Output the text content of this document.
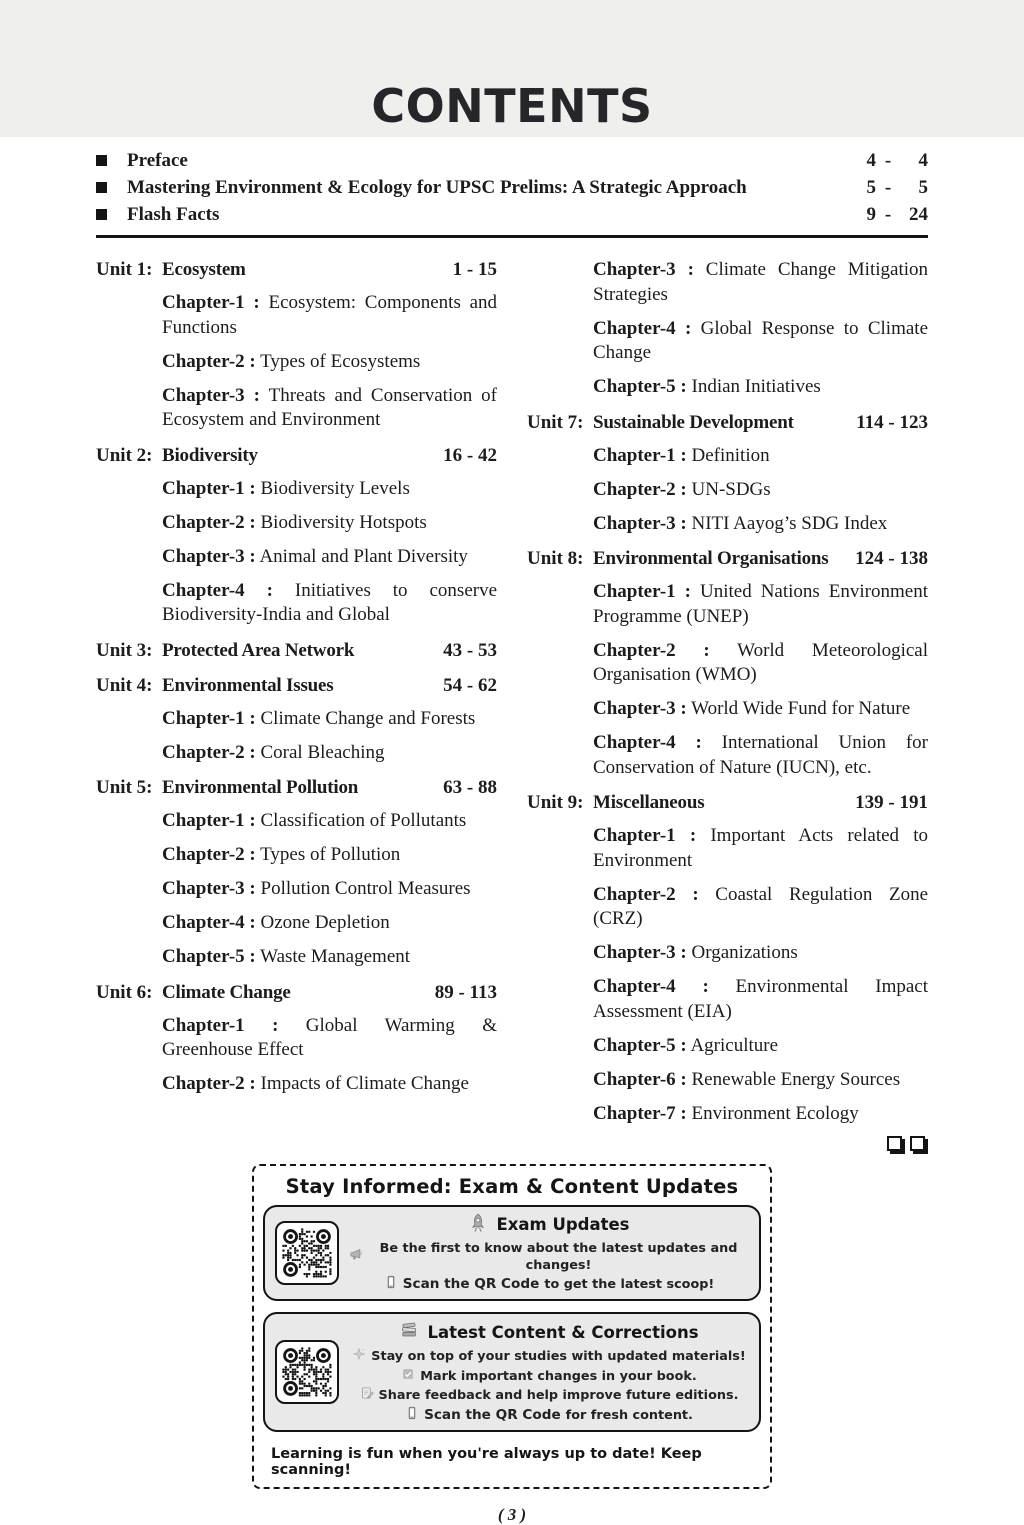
CONTENTS
Preface	4 -	4
Mastering Environment & Ecology for UPSC Prelims: A Strategic Approach	5 -	5
Flash Facts	9 - 24
Unit 1: Ecosystem	1 - 15
Chapter-1 : Ecosystem: Components and Functions
Chapter-2 : Types of Ecosystems
Chapter-3 : Threats and Conservation of Ecosystem and Environment
Unit 2: Biodiversity	16 - 42
Chapter-1 : Biodiversity Levels
Chapter-2 : Biodiversity Hotspots
Chapter-3 : Animal and Plant Diversity
Chapter-4 : Initiatives to conserve Biodiversity-India and Global
Unit 3: Protected Area Network	43 - 53
Unit 4: Environmental Issues	54 - 62
Chapter-1 : Climate Change and Forests
Chapter-2 : Coral Bleaching
Unit 5: Environmental Pollution	63 - 88
Chapter-1 : Classification of Pollutants
Chapter-2 : Types of Pollution
Chapter-3 : Pollution Control Measures
Chapter-4 : Ozone Depletion
Chapter-5 : Waste Management
Unit 6: Climate Change	89 - 113
Chapter-1 : Global Warming & Greenhouse Effect
Chapter-2 : Impacts of Climate Change
Chapter-3 : Climate Change Mitigation Strategies
Chapter-4 : Global Response to Climate Change
Chapter-5 : Indian Initiatives
Unit 7: Sustainable Development	114 - 123
Chapter-1 : Definition
Chapter-2 : UN-SDGs
Chapter-3 : NITI Aayog’s SDG Index
Unit 8: Environmental Organisations	124 - 138
Chapter-1 : United Nations Environment Programme (UNEP)
Chapter-2 : World Meteorological Organisation (WMO)
Chapter-3 : World Wide Fund for Nature
Chapter-4 : International Union for Conservation of Nature (IUCN), etc.
Unit 9: Miscellaneous	139 - 191
Chapter-1 : Important Acts related to Environment
Chapter-2 : Coastal Regulation Zone (CRZ)
Chapter-3 : Organizations
Chapter-4 : Environmental Impact Assessment (EIA)
Chapter-5 : Agriculture
Chapter-6 : Renewable Energy Sources
Chapter-7 : Environment Ecology
Stay Informed: Exam & Content Updates
Exam Updates
Be the first to know about the latest updates and changes!
Scan the QR Code to get the latest scoop!
Latest Content & Corrections
Stay on top of your studies with updated materials!
Mark important changes in your book.
Share feedback and help improve future editions.
Scan the QR Code for fresh content.
Learning is fun when you're always up to date! Keep scanning!
( 3 )
